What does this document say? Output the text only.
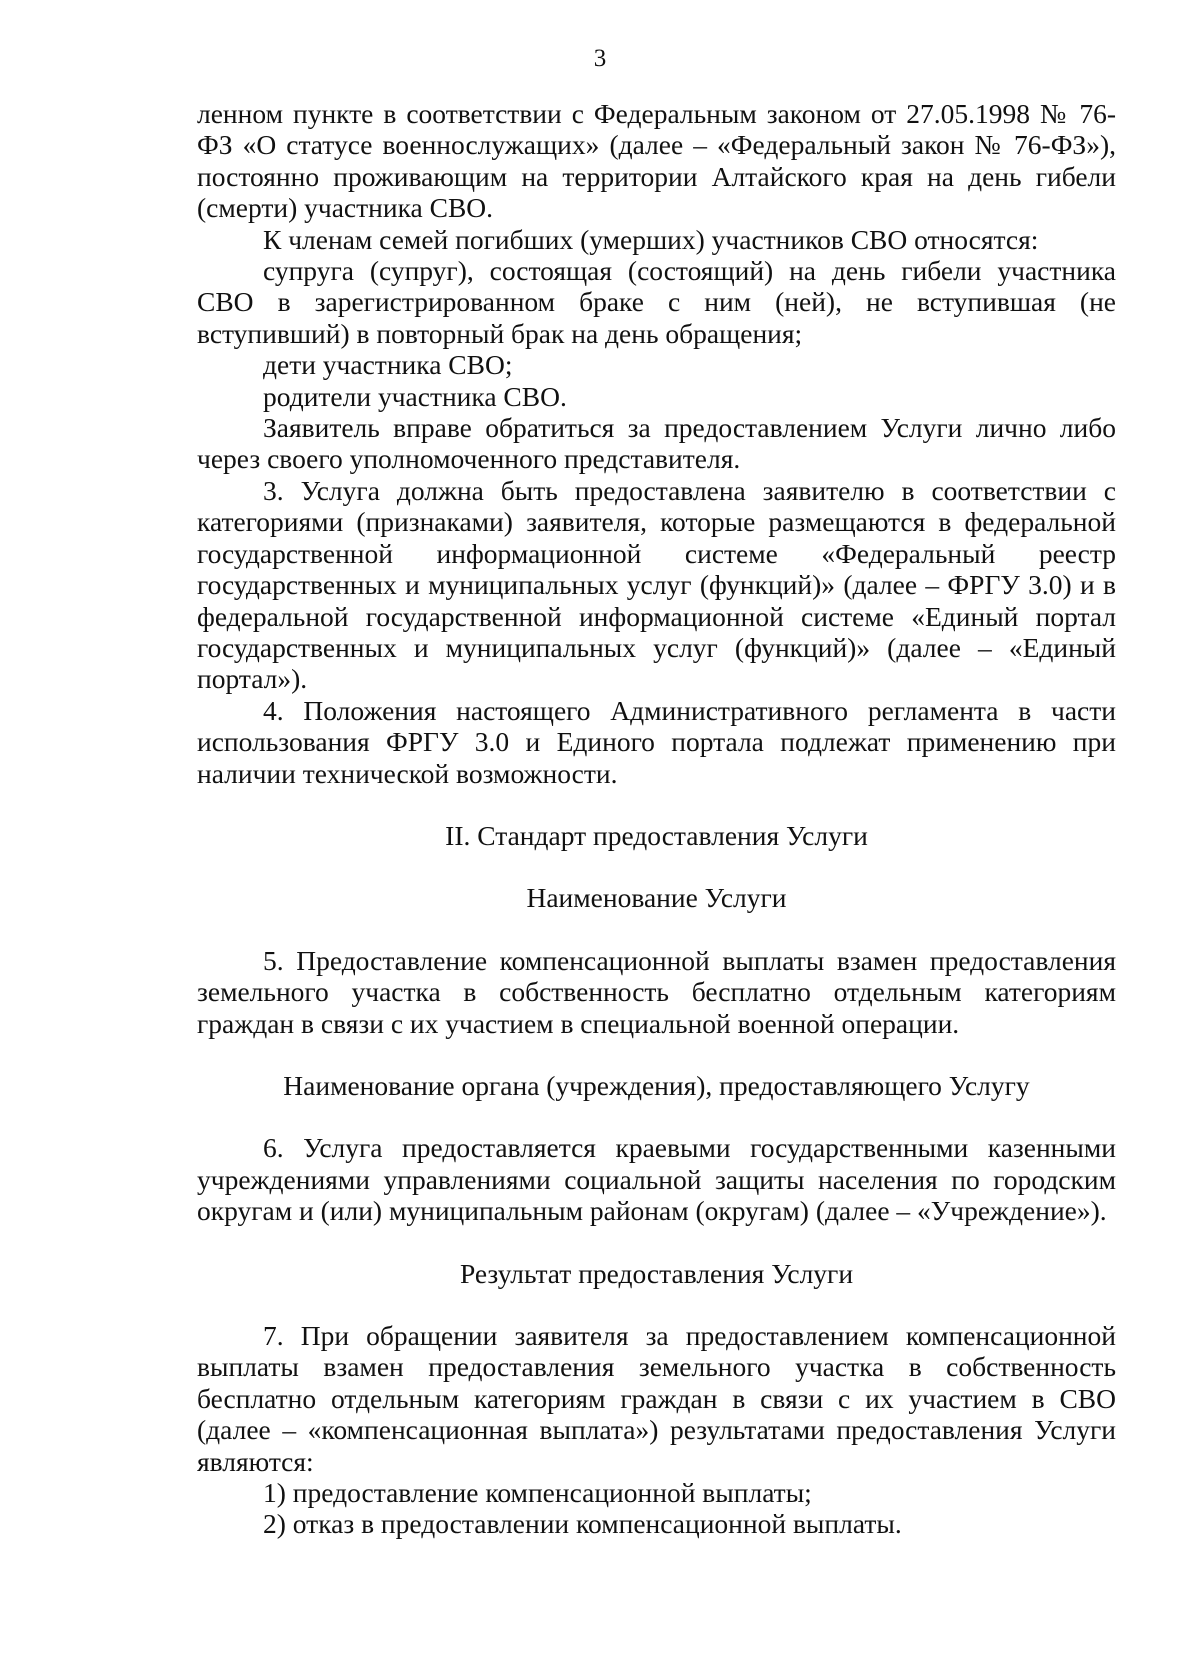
3

ленном пункте в соответствии с Федеральным законом от 27.05.1998 № 76-ФЗ «О статусе военнослужащих» (далее – «Федеральный закон № 76-ФЗ»), постоянно проживающим на территории Алтайского края на день гибели (смерти) участника СВО.

К членам семей погибших (умерших) участников СВО относятся:

супруга (супруг), состоящая (состоящий) на день гибели участника СВО в зарегистрированном браке с ним (ней), не вступившая (не вступивший) в повторный брак на день обращения;

дети участника СВО;

родители участника СВО.

Заявитель вправе обратиться за предоставлением Услуги лично либо через своего уполномоченного представителя.

3. Услуга должна быть предоставлена заявителю в соответствии с категориями (признаками) заявителя, которые размещаются в федеральной государственной информационной системе «Федеральный реестр государственных и муниципальных услуг (функций)» (далее – ФРГУ 3.0) и в федеральной государственной информационной системе «Единый портал государственных и муниципальных услуг (функций)» (далее – «Единый портал»).

4. Положения настоящего Административного регламента в части использования ФРГУ 3.0 и Единого портала подлежат применению при наличии технической возможности.

II. Стандарт предоставления Услуги

Наименование Услуги

5. Предоставление компенсационной выплаты взамен предоставления земельного участка в собственность бесплатно отдельным категориям граждан в связи с их участием в специальной военной операции.

Наименование органа (учреждения), предоставляющего Услугу

6. Услуга предоставляется краевыми государственными казенными учреждениями управлениями социальной защиты населения по городским округам и (или) муниципальным районам (округам) (далее – «Учреждение»).

Результат предоставления Услуги

7. При обращении заявителя за предоставлением компенсационной выплаты взамен предоставления земельного участка в собственность бесплатно отдельным категориям граждан в связи с их участием в СВО (далее – «компенсационная выплата») результатами предоставления Услуги являются:

1) предоставление компенсационной выплаты;

2) отказ в предоставлении компенсационной выплаты.
